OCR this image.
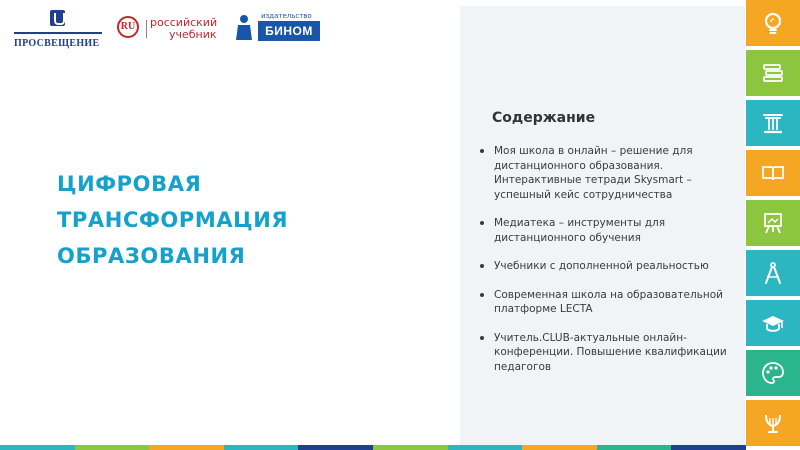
ПРОСВЕЩЕНИЕ
RU	российский
учебник
издательство
БИНОМ
ЦИФРОВАЯ
ТРАНСФОРМАЦИЯ
ОБРАЗОВАНИЯ
Содержание
Моя школа в онлайн – решение для дистанционного образования. Интерактивные тетради Skysmart – успешный кейс сотрудничества
Медиатека – инструменты для дистанционного обучения
Учебники с дополненной реальностью
Современная школа на образовательной платформе LECTA
Учитель.CLUB-актуальные онлайн-конференции. Повышение квалификации педагогов
